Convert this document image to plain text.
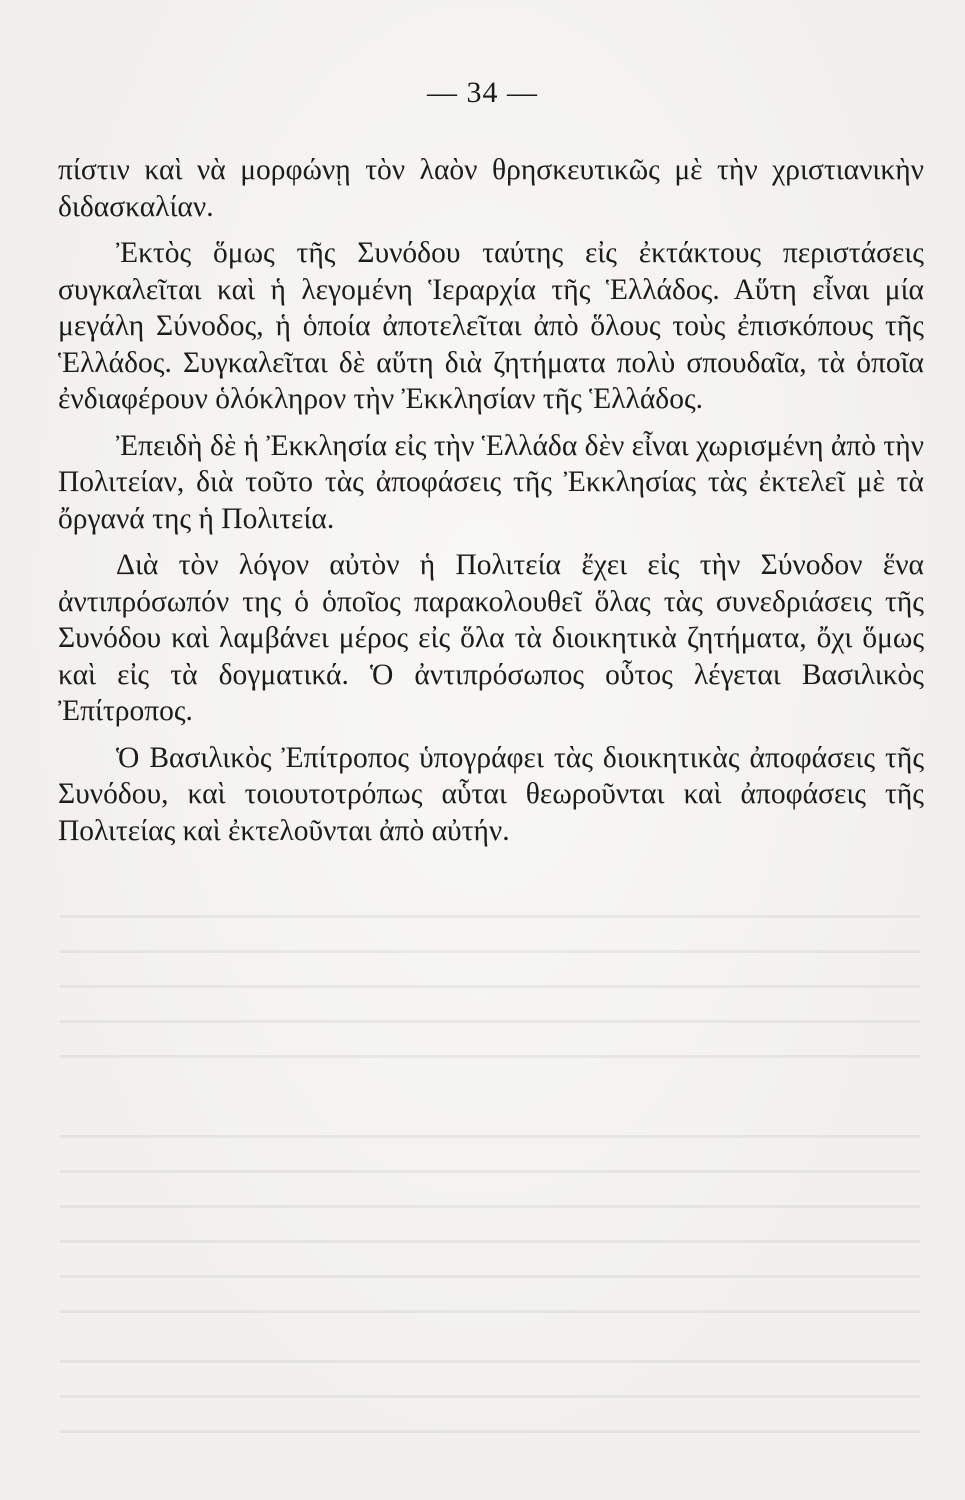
— 34 —

πίστιν καὶ νὰ μορφώνῃ τὸν λαὸν θρησκευτικῶς μὲ τὴν χριστιανικὴν διδασκαλίαν.

Ἐκτὸς ὅμως τῆς Συνόδου ταύτης εἰς ἐκτάκτους περιστάσεις συγκαλεῖται καὶ ἡ λεγομένη Ἱεραρχία τῆς Ἑλλάδος. Αὕτη εἶναι μία μεγάλη Σύνοδος, ἡ ὁποία ἀποτελεῖται ἀπὸ ὅλους τοὺς ἐπισκόπους τῆς Ἑλλάδος. Συγκαλεῖται δὲ αὕτη διὰ ζητήματα πολὺ σπουδαῖα, τὰ ὁποῖα ἐνδιαφέρουν ὁλόκληρον τὴν Ἐκκλησίαν τῆς Ἑλλάδος.

Ἐπειδὴ δὲ ἡ Ἐκκλησία εἰς τὴν Ἑλλάδα δὲν εἶναι χωρισμένη ἀπὸ τὴν Πολιτείαν, διὰ τοῦτο τὰς ἀποφάσεις τῆς Ἐκκλησίας τὰς ἐκτελεῖ μὲ τὰ ὄργανά της ἡ Πολιτεία.

Διὰ τὸν λόγον αὐτὸν ἡ Πολιτεία ἔχει εἰς τὴν Σύνοδον ἕνα ἀντιπρόσωπόν της ὁ ὁποῖος παρακολουθεῖ ὅλας τὰς συνεδριάσεις τῆς Συνόδου καὶ λαμβάνει μέρος εἰς ὅλα τὰ διοικητικὰ ζητήματα, ὄχι ὅμως καὶ εἰς τὰ δογματικά. Ὁ ἀντιπρόσωπος οὗτος λέγεται Βασιλικὸς Ἐπίτροπος.

Ὁ Βασιλικὸς Ἐπίτροπος ὑπογράφει τὰς διοικητικὰς ἀποφάσεις τῆς Συνόδου, καὶ τοιουτοτρόπως αὗται θεωροῦνται καὶ ἀποφάσεις τῆς Πολιτείας καὶ ἐκτελοῦνται ἀπὸ αὐτήν.
